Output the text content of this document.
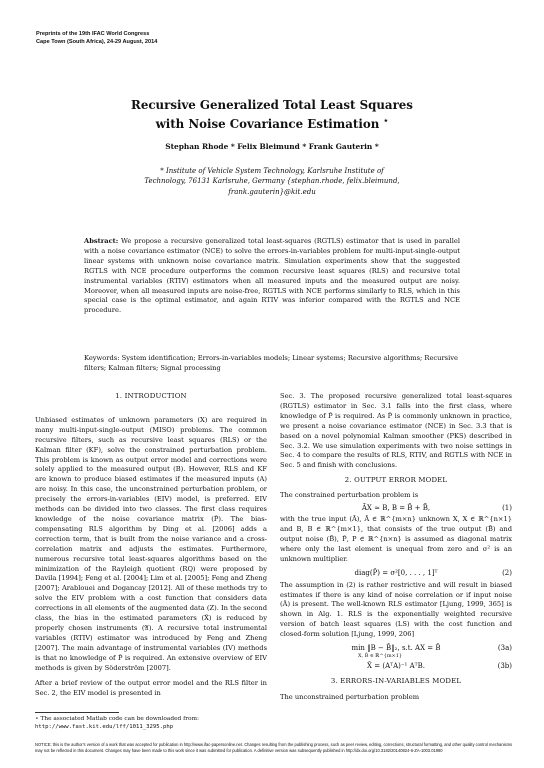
Preprints of the 19th IFAC World Congress
Cape Town (South Africa), 24-29 August, 2014
Recursive Generalized Total Least Squares
with Noise Covariance Estimation ⋆
Stephan Rhode * Felix Bleimund * Frank Gauterin *
* Institute of Vehicle System Technology, Karlsruhe Institute of
Technology, 76131 Karlsruhe, Germany {stephan.rhode, felix.bleimund,
frank.gauterin}@kit.edu
Abstract: We propose a recursive generalized total least-squares (RGTLS) estimator that is used in parallel with a noise covariance estimator (NCE) to solve the errors-in-variables problem for multi-input-single-output linear systems with unknown noise covariance matrix. Simulation experiments show that the suggested RGTLS with NCE procedure outperforms the common recursive least squares (RLS) and recursive total instrumental variables (RTIV) estimators when all measured inputs and the measured output are noisy. Moreover, when all measured inputs are noise-free, RGTLS with NCE performs similarly to RLS, which in this special case is the optimal estimator, and again RTIV was inferior compared with the RGTLS and NCE procedure.
Keywords: System identification; Errors-in-variables models; Linear systems; Recursive algorithms; Recursive filters; Kalman filters; Signal processing
1. INTRODUCTION
Unbiased estimates of unknown parameters (X) are required in many multi-input-single-output (MISO) problems. The common recursive filters, such as recursive least squares (RLS) or the Kalman filter (KF), solve the constrained perturbation problem. This problem is known as output error model and corrections were solely applied to the measured output (B). However, RLS and KF are known to produce biased estimates if the measured inputs (A) are noisy. In this case, the unconstrained perturbation problem, or precisely the errors-in-variables (EIV) model, is preferred. EIV methods can be divided into two classes. The first class requires knowledge of the noise covariance matrix (P̂). The bias-compensating RLS algorithm by Ding et al. [2006] adds a correction term, that is built from the noise variance and a cross-correlation matrix and adjusts the estimates. Furthermore, numerous recursive total least-squares algorithms based on the minimization of the Rayleigh quotient (RQ) were proposed by Davila [1994]; Feng et al. [2004]; Lim et al. [2005]; Feng and Zheng [2007]; Arablouei and Dogancay [2012]. All of these methods try to solve the EIV problem with a cost function that considers data corrections in all elements of the augmented data (Z). In the second class, the bias in the estimated parameters (X̂) is reduced by properly chosen instruments (𝔄). A recursive total instrumental variables (RTIV) estimator was introduced by Feng and Zheng [2007]. The main advantage of instrumental variables (IV) methods is that no knowledge of P̂ is required. An extensive overview of EIV methods is given by Söderström [2007].
After a brief review of the output error model and the RLS filter in Sec. 2, the EIV model is presented in
⋆ The associated Matlab code can be downloaded from:
http://www.fast.kit.edu/lff/1011_3295.php
Sec. 3. The proposed recursive generalized total least-squares (RGTLS) estimator in Sec. 3.1 falls into the first class, where knowledge of P̂ is required. As P̂ is commonly unknown in practice, we present a noise covariance estimator (NCE) in Sec. 3.3 that is based on a novel polynomial Kalman smoother (PKS) described in Sec. 3.2. We use simulation experiments with two noise settings in Sec. 4 to compare the results of RLS, RTIV, and RGTLS with NCE in Sec. 5 and finish with conclusions.
2. OUTPUT ERROR MODEL
The constrained perturbation problem is
ĀX ≈ B, B = B̄ + B̃,	(1)
with the true input (Ā), Ā ∈ ℝ^{m×n} unknown X, X ∈ ℝ^{n×1} and B, B ∈ ℝ^{m×1}, that consists of the true output (B̄) and output noise (B̃), P̂, P ∈ ℝ^{n×n} is assumed as diagonal matrix where only the last element is unequal from zero and σ² is an unknown multiplier.
diag(P̂) = σ²[0, . . . , 1]ᵀ	(2)
The assumption in (2) is rather restrictive and will result in biased estimates if there is any kind of noise correlation or if input noise (Ã) is present. The well-known RLS estimator [Ljung, 1999, 365] is shown in Alg. 1. RLS is the exponentially weighted recursive version of batch least squares (LS) with the cost function and closed-form solution [Ljung, 1999, 206]
min ‖B − B̂‖₂, s.t. AX = B̂	(3a)
X, B̂ ∈ ℝ^{m×1}
X̂ = (AᵀA)⁻¹ AᵀB.	(3b)
3. ERRORS-IN-VARIABLES MODEL
The unconstrained perturbation problem
NOTICE: this is the author's version of a work that was accepted for publication in http://www.ifac-papersonline.net. Changes resulting from the publishing process, such as peer review, editing, corrections, structural formatting, and other quality control mechanisms may not be reflected in this document. Changes may have been made to this work since it was submitted for publication. A definitive version was subsequently published in http://dx.doi.org/10.3182/20140824-6-ZA-1003.01980
